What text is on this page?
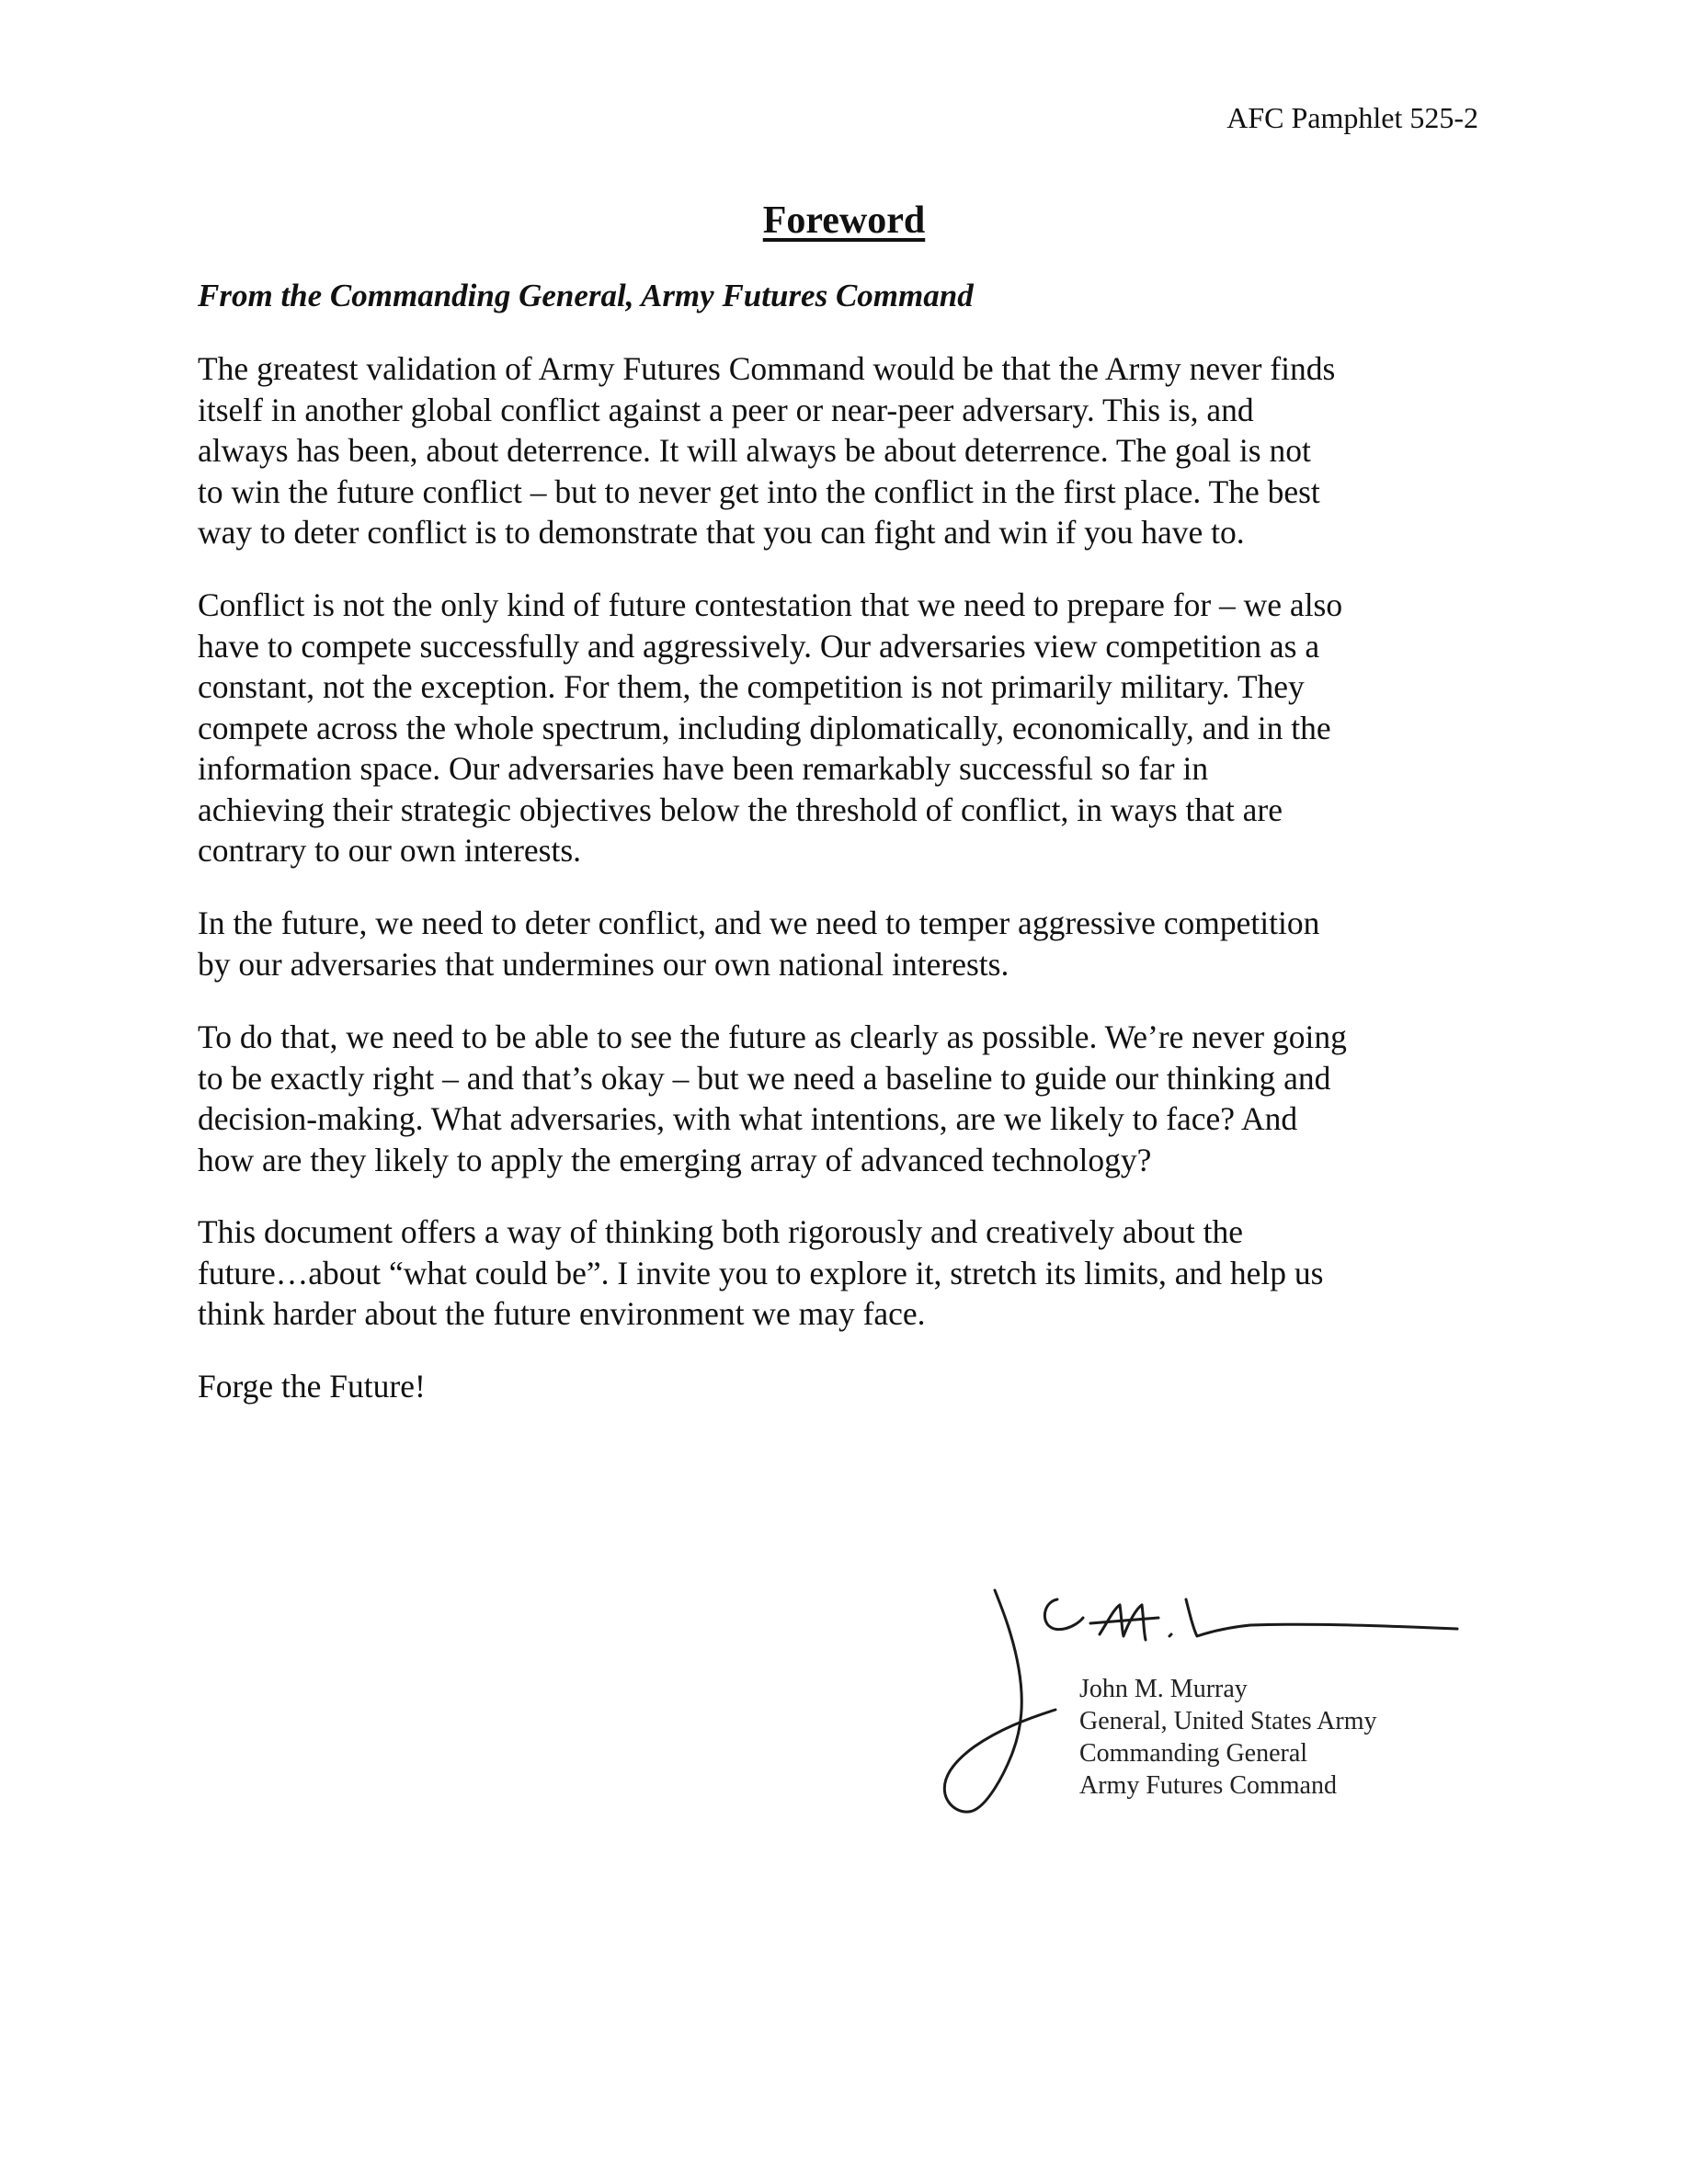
AFC Pamphlet 525-2
Foreword
From the Commanding General, Army Futures Command

The greatest validation of Army Futures Command would be that the Army never finds
itself in another global conflict against a peer or near-peer adversary. This is, and
always has been, about deterrence. It will always be about deterrence. The goal is not
to win the future conflict – but to never get into the conflict in the first place. The best
way to deter conflict is to demonstrate that you can fight and win if you have to.

Conflict is not the only kind of future contestation that we need to prepare for – we also
have to compete successfully and aggressively. Our adversaries view competition as a
constant, not the exception. For them, the competition is not primarily military. They
compete across the whole spectrum, including diplomatically, economically, and in the
information space. Our adversaries have been remarkably successful so far in
achieving their strategic objectives below the threshold of conflict, in ways that are
contrary to our own interests.

In the future, we need to deter conflict, and we need to temper aggressive competition
by our adversaries that undermines our own national interests.

To do that, we need to be able to see the future as clearly as possible. We’re never going
to be exactly right – and that’s okay – but we need a baseline to guide our thinking and
decision-making. What adversaries, with what intentions, are we likely to face? And
how are they likely to apply the emerging array of advanced technology?

This document offers a way of thinking both rigorously and creatively about the
future…about “what could be”. I invite you to explore it, stretch its limits, and help us
think harder about the future environment we may face.

Forge the Future!

John M. Murray
General, United States Army
Commanding General
Army Futures Command
